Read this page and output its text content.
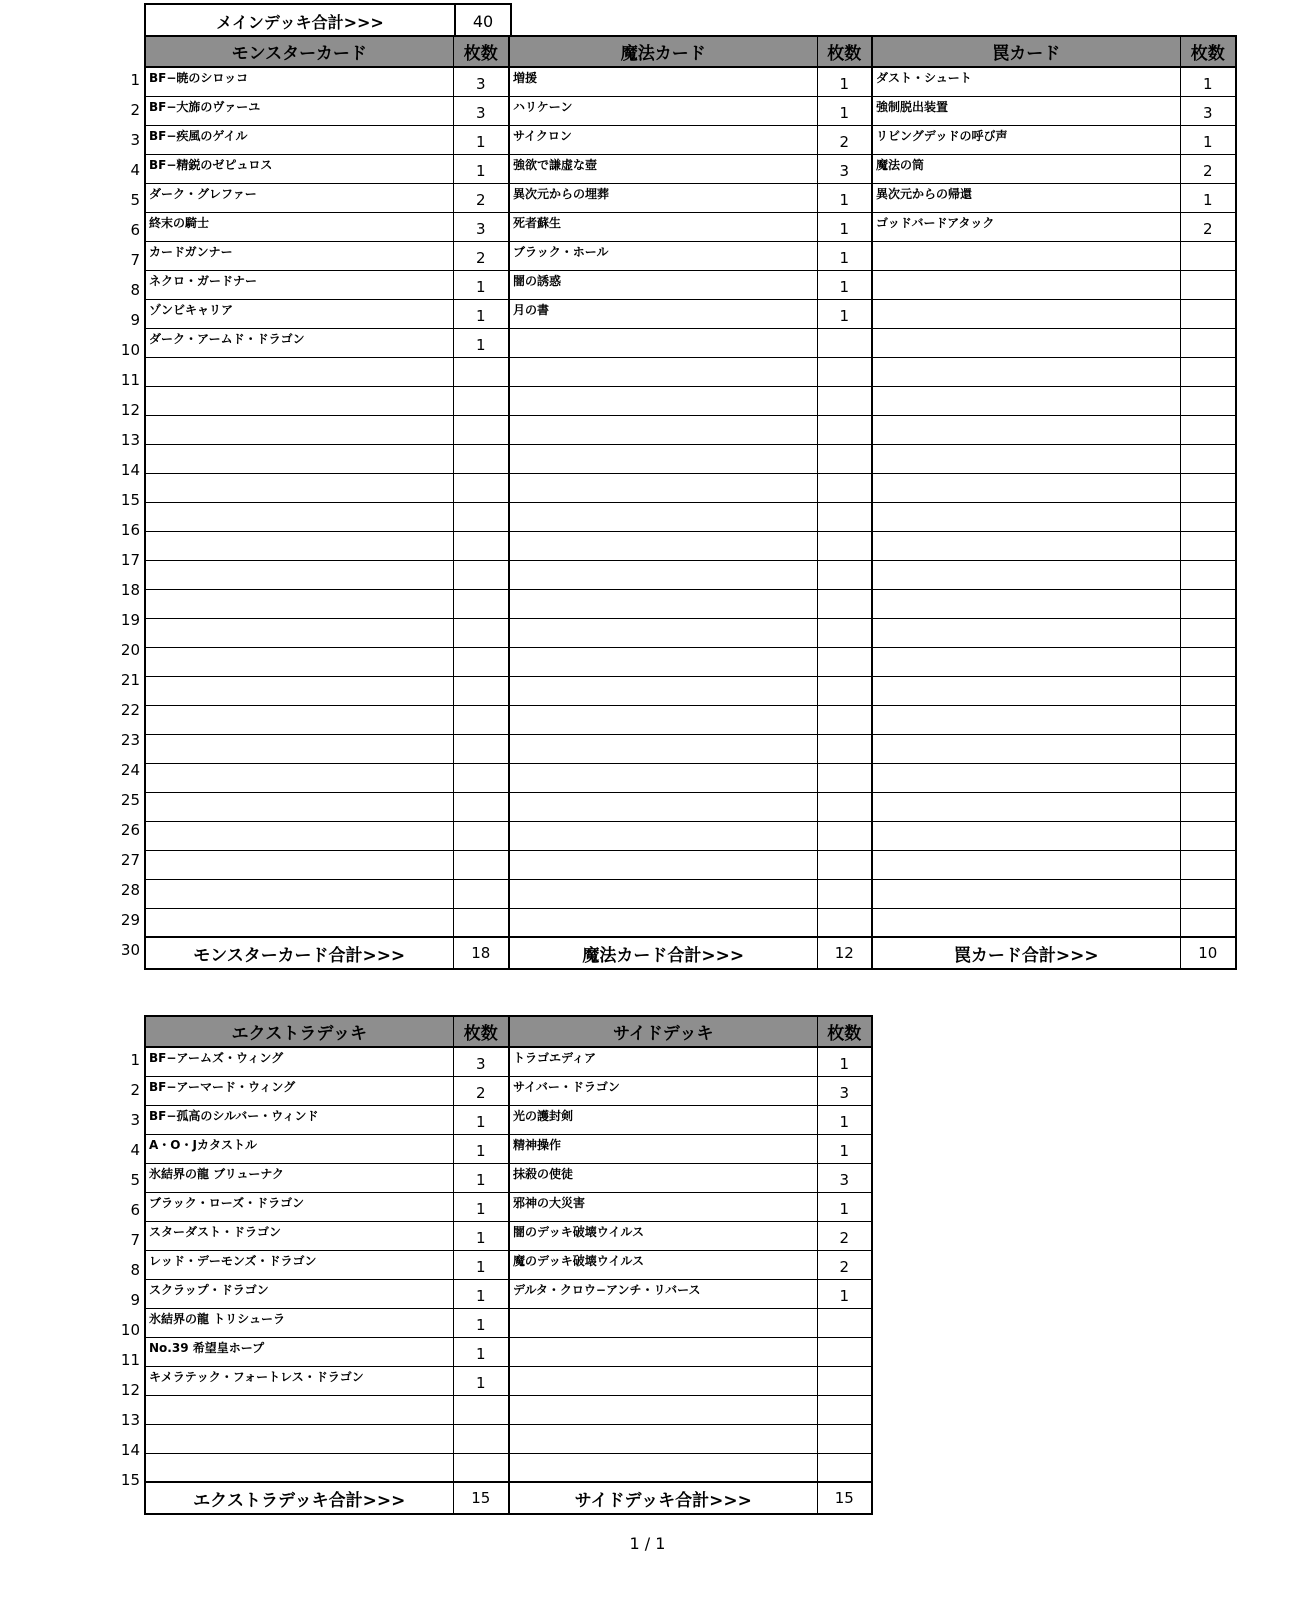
メインデッキ合計>>>	40
モンスターカード	枚数	魔法カード	枚数	罠カード	枚数
BF−暁のシロッコ	3	増援	1	ダスト・シュート	1
BF−大旆のヴァーユ	3	ハリケーン	1	強制脱出装置	3
BF−疾風のゲイル	1	サイクロン	2	リビングデッドの呼び声	1
BF−精鋭のゼピュロス	1	強欲で謙虚な壺	3	魔法の筒	2
ダーク・グレファー	2	異次元からの埋葬	1	異次元からの帰還	1
終末の騎士	3	死者蘇生	1	ゴッドバードアタック	2
カードガンナー	2	ブラック・ホール	1		
ネクロ・ガードナー	1	闇の誘惑	1		
ゾンビキャリア	1	月の書	1		
ダーク・アームド・ドラゴン	1				

モンスターカード合計>>>	18	魔法カード合計>>>	12	罠カード合計>>>	10
1
2
3
4
5
6
7
8
9
10
11
12
13
14
15
16
17
18
19
20
21
22
23
24
25
26
27
28
29
30
エクストラデッキ	枚数	サイドデッキ	枚数
BF−アームズ・ウィング	3	トラゴエディア	1
BF−アーマード・ウィング	2	サイバー・ドラゴン	3
BF−孤高のシルバー・ウィンド	1	光の護封剣	1
A・O・Jカタストル	1	精神操作	1
氷結界の龍 ブリューナク	1	抹殺の使徒	3
ブラック・ローズ・ドラゴン	1	邪神の大災害	1
スターダスト・ドラゴン	1	闇のデッキ破壊ウイルス	2
レッド・デーモンズ・ドラゴン	1	魔のデッキ破壊ウイルス	2
スクラップ・ドラゴン	1	デルタ・クロウ−アンチ・リバース	1
氷結界の龍 トリシューラ	1		
No.39 希望皇ホープ	1		
キメラテック・フォートレス・ドラゴン	1		

エクストラデッキ合計>>>	15	サイドデッキ合計>>>	15
1
2
3
4
5
6
7
8
9
10
11
12
13
14
15
1 / 1
